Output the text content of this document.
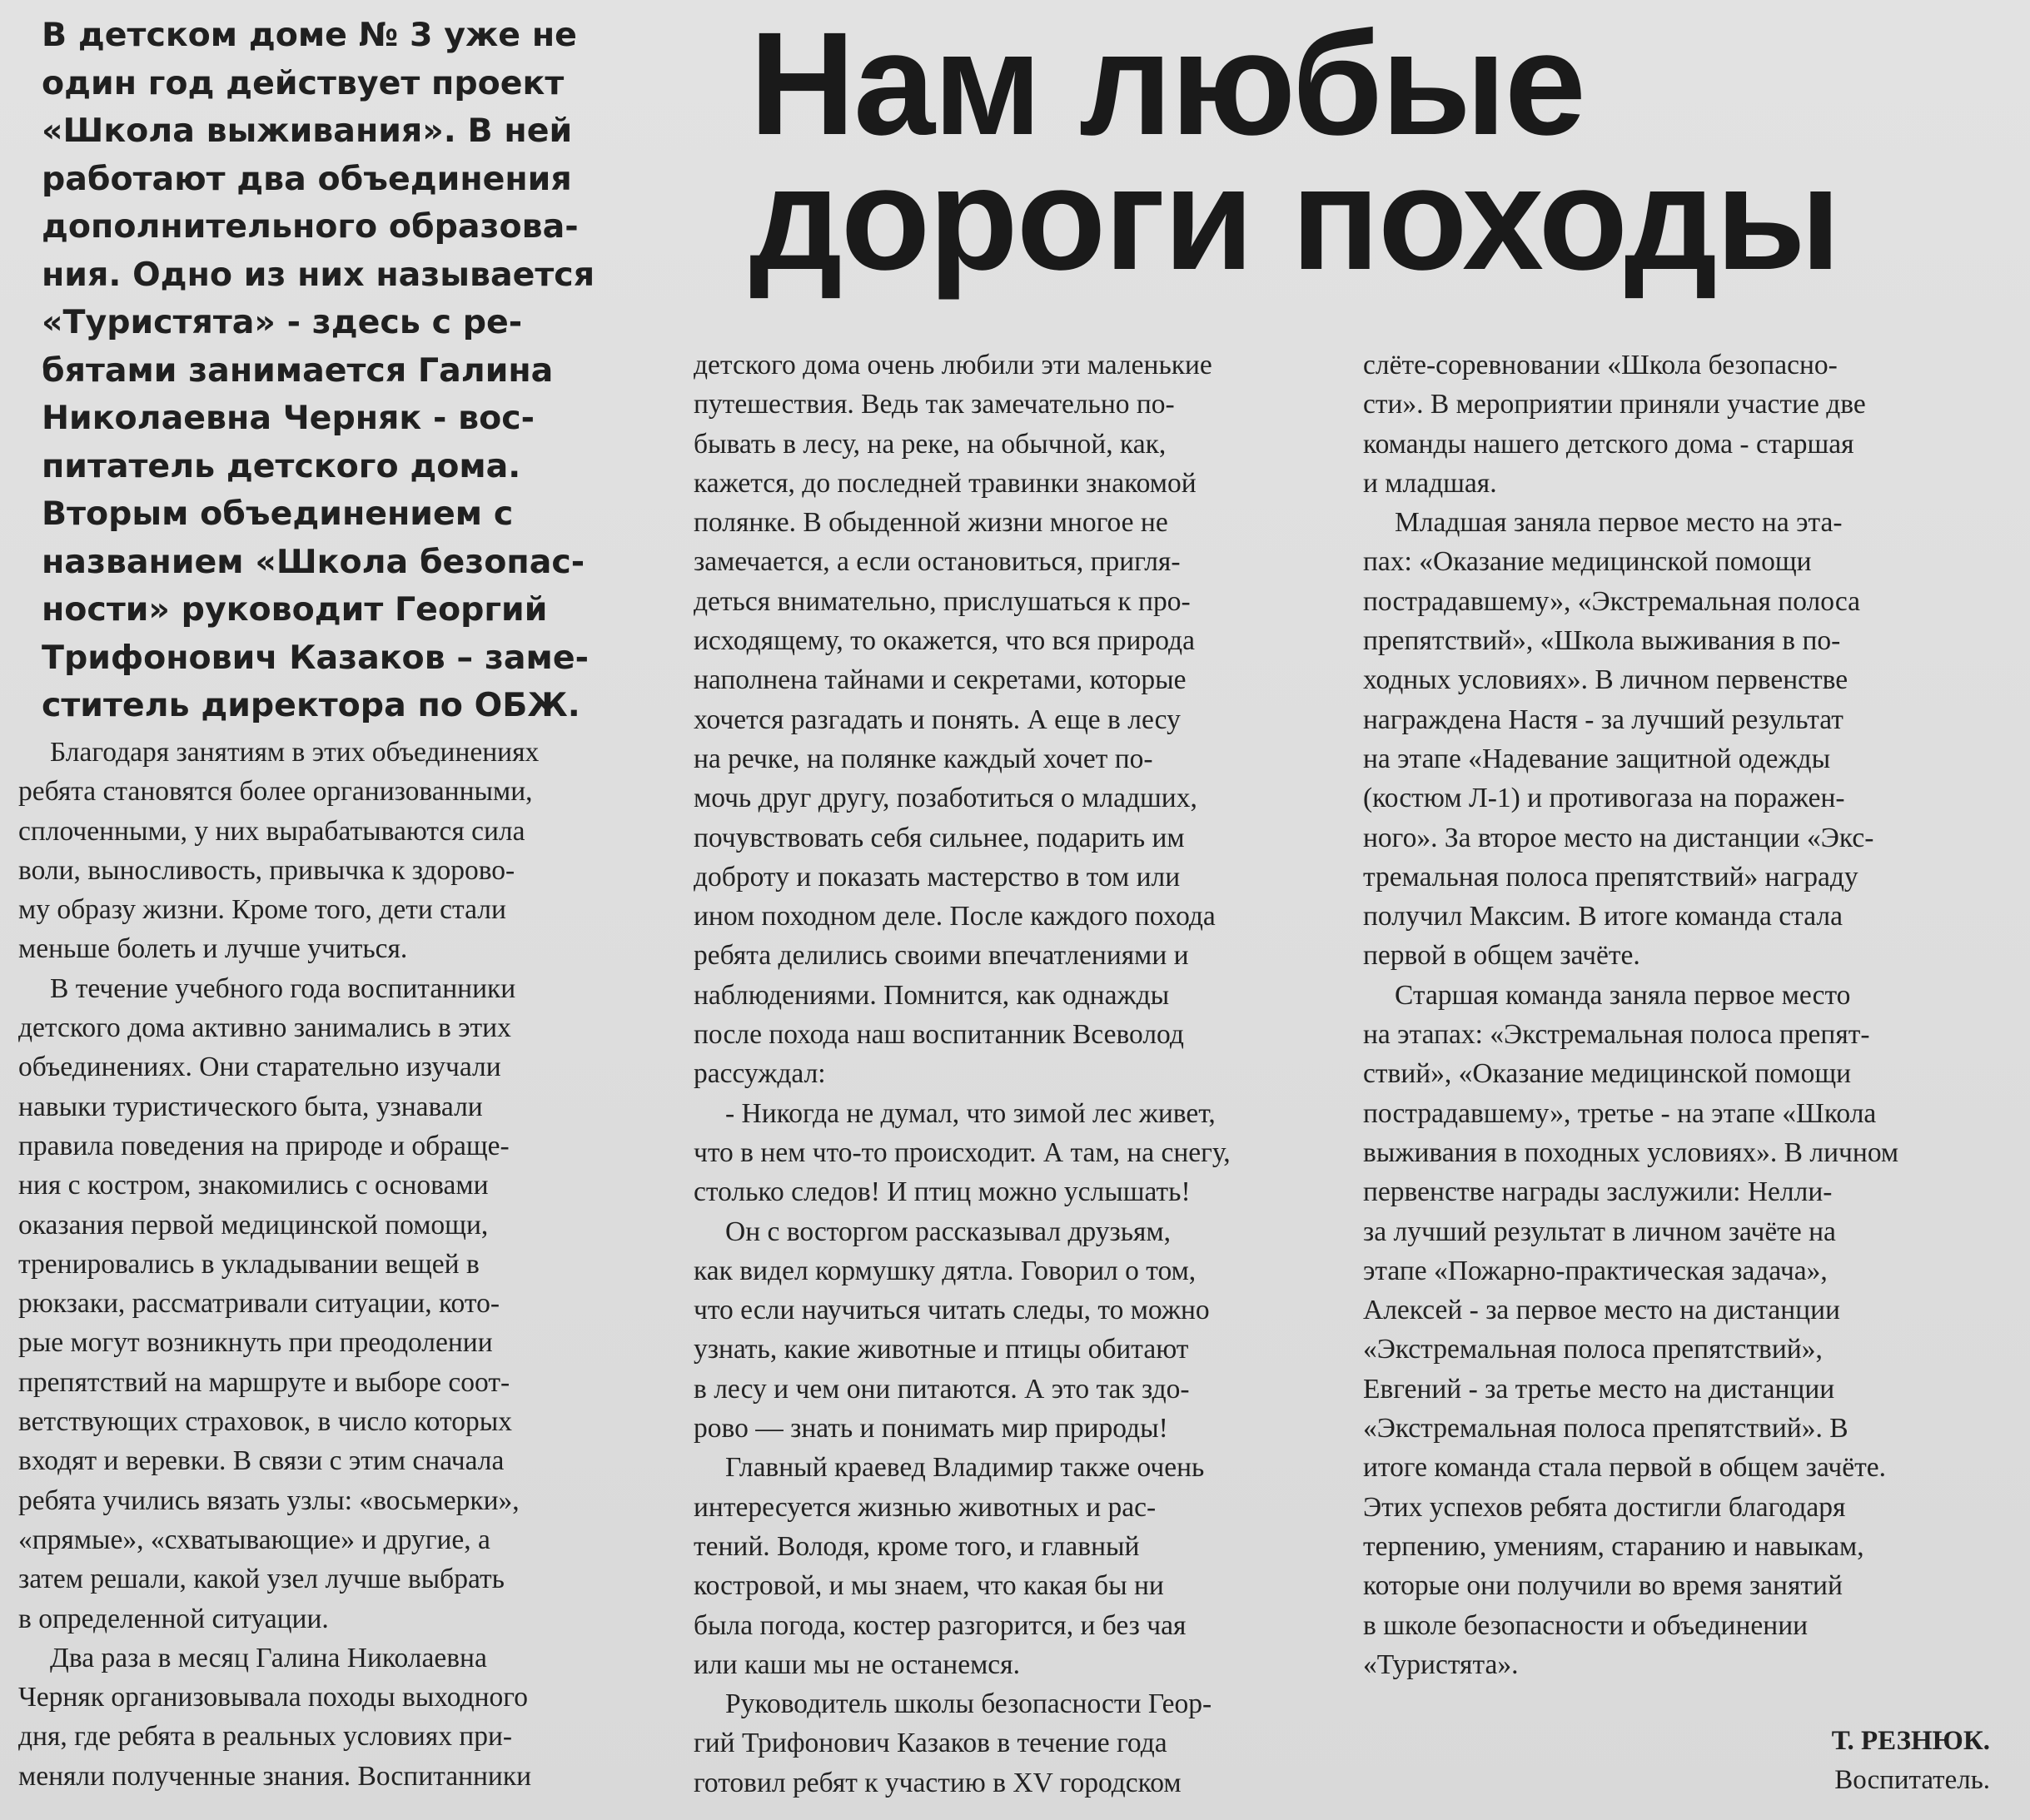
В детском доме № 3 уже не

один год действует проект

«Школа выживания». В ней

работают два объединения

дополнительного образова-

ния. Одно из них называется

«Туристята» - здесь с ре-

бятами занимается Галина

Николаевна Черняк - вос-

питатель детского дома.

Вторым объединением с

названием «Школа безопас-

ности» руководит Георгий

Трифонович Казаков – заме-

ститель директора по ОБЖ.

Нам любые
дороги походы

Благодаря занятиям в этих объединениях

ребята становятся более организованными,

сплоченными, у них вырабатываются сила

воли, выносливость, привычка к здорово-

му образу жизни. Кроме того, дети стали

меньше болеть и лучше учиться.

В течение учебного года воспитанники

детского дома активно занимались в этих

объединениях. Они старательно изучали

навыки туристического быта, узнавали

правила поведения на природе и обраще-

ния с костром, знакомились с основами

оказания первой медицинской помощи,

тренировались в укладывании вещей в

рюкзаки, рассматривали ситуации, кото-

рые могут возникнуть при преодолении

препятствий на маршруте и выборе соот-

ветствующих страховок, в число которых

входят и веревки. В связи с этим сначала

ребята учились вязать узлы: «восьмерки»,

«прямые», «схватывающие» и другие, а

затем решали, какой узел лучше выбрать

в определенной ситуации.

Два раза в месяц Галина Николаевна

Черняк организовывала походы выходного

дня, где ребята в реальных условиях при-

меняли полученные знания. Воспитанники

детского дома очень любили эти маленькие

путешествия. Ведь так замечательно по-

бывать в лесу, на реке, на обычной, как,

кажется, до последней травинки знакомой

полянке. В обыденной жизни многое не

замечается, а если остановиться, пригля-

деться внимательно, прислушаться к про-

исходящему, то окажется, что вся природа

наполнена тайнами и секретами, которые

хочется разгадать и понять. А еще в лесу

на речке, на полянке каждый хочет по-

мочь друг другу, позаботиться о младших,

почувствовать себя сильнее, подарить им

доброту и показать мастерство в том или

ином походном деле. После каждого похода

ребята делились своими впечатлениями и

наблюдениями. Помнится, как однажды

после похода наш воспитанник Всеволод

рассуждал:

- Никогда не думал, что зимой лес живет,

что в нем что-то происходит. А там, на снегу,

столько следов! И птиц можно услышать!

Он с восторгом рассказывал друзьям,

как видел кормушку дятла. Говорил о том,

что если научиться читать следы, то можно

узнать, какие животные и птицы обитают

в лесу и чем они питаются. А это так здо-

рово — знать и понимать мир природы!

Главный краевед Владимир также очень

интересуется жизнью животных и рас-

тений. Володя, кроме того, и главный

костровой, и мы знаем, что какая бы ни

была погода, костер разгорится, и без чая

или каши мы не останемся.

Руководитель школы безопасности Геор-

гий Трифонович Казаков в течение года

готовил ребят к участию в XV городском

слёте-соревновании «Школа безопасно-

сти». В мероприятии приняли участие две

команды нашего детского дома - старшая

и младшая.

Младшая заняла первое место на эта-

пах: «Оказание медицинской помощи

пострадавшему», «Экстремальная полоса

препятствий», «Школа выживания в по-

ходных условиях». В личном первенстве

награждена Настя - за лучший результат

на этапе «Надевание защитной одежды

(костюм Л-1) и противогаза на поражен-

ного». За второе место на дистанции «Экс-

тремальная полоса препятствий» награду

получил Максим. В итоге команда стала

первой в общем зачёте.

Старшая команда заняла первое место

на этапах: «Экстремальная полоса препят-

ствий», «Оказание медицинской помощи

пострадавшему», третье - на этапе «Школа

выживания в походных условиях». В личном

первенстве награды заслужили: Нелли-

за лучший результат в личном зачёте на

этапе «Пожарно-практическая задача»,

Алексей - за первое место на дистанции

«Экстремальная полоса препятствий»,

Евгений - за третье место на дистанции

«Экстремальная полоса препятствий». В

итоге команда стала первой в общем зачёте.

Этих успехов ребята достигли благодаря

терпению, умениям, старанию и навыкам,

которые они получили во время занятий

в школе безопасности и объединении

«Туристята».

Т. РЕЗНЮК.
Воспитатель.
